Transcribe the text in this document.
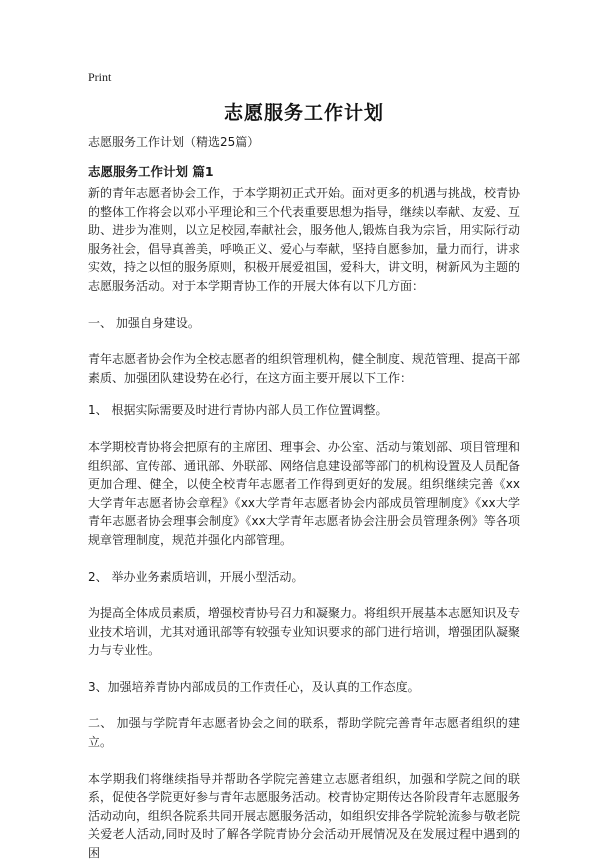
Print
志愿服务工作计划

志愿服务工作计划（精选25篇）

志愿服务工作计划 篇1

新的青年志愿者协会工作，于本学期初正式开始。面对更多的机遇与挑战，校青协的整体工作将会以邓小平理论和三个代表重要思想为指导，继续以奉献、友爱、互助、进步为准则，以立足校园,奉献社会，服务他人,锻炼自我为宗旨，用实际行动服务社会，倡导真善美，呼唤正义、爱心与奉献，坚持自愿参加，量力而行，讲求实效，持之以恒的服务原则，积极开展爱祖国，爱科大，讲文明，树新风为主题的志愿服务活动。对于本学期青协工作的开展大体有以下几方面：

一、 加强自身建设。

青年志愿者协会作为全校志愿者的组织管理机构，健全制度、规范管理、提高干部素质、加强团队建设势在必行，在这方面主要开展以下工作：

1、 根据实际需要及时进行青协内部人员工作位置调整。

本学期校青协将会把原有的主席团、理事会、办公室、活动与策划部、项目管理和组织部、宣传部、通讯部、外联部、网络信息建设部等部门的机构设置及人员配备更加合理、健全，以使全校青年志愿者工作得到更好的发展。组织继续完善《xx大学青年志愿者协会章程》《xx大学青年志愿者协会内部成员管理制度》《xx大学青年志愿者协会理事会制度》《xx大学青年志愿者协会注册会员管理条例》等各项规章管理制度，规范并强化内部管理。

2、 举办业务素质培训，开展小型活动。

为提高全体成员素质，增强校青协号召力和凝聚力。将组织开展基本志愿知识及专业技术培训，尤其对通讯部等有较强专业知识要求的部门进行培训，增强团队凝聚力与专业性。

3、加强培养青协内部成员的工作责任心，及认真的工作态度。

二、 加强与学院青年志愿者协会之间的联系，帮助学院完善青年志愿者组织的建立。

本学期我们将继续指导并帮助各学院完善建立志愿者组织，加强和学院之间的联系，促使各学院更好参与青年志愿服务活动。校青协定期传达各阶段青年志愿服务活动动向，组织各院系共同开展志愿服务活动，如组织安排各学院轮流参与敬老院关爱老人活动,同时及时了解各学院青协分会活动开展情况及在发展过程中遇到的困
